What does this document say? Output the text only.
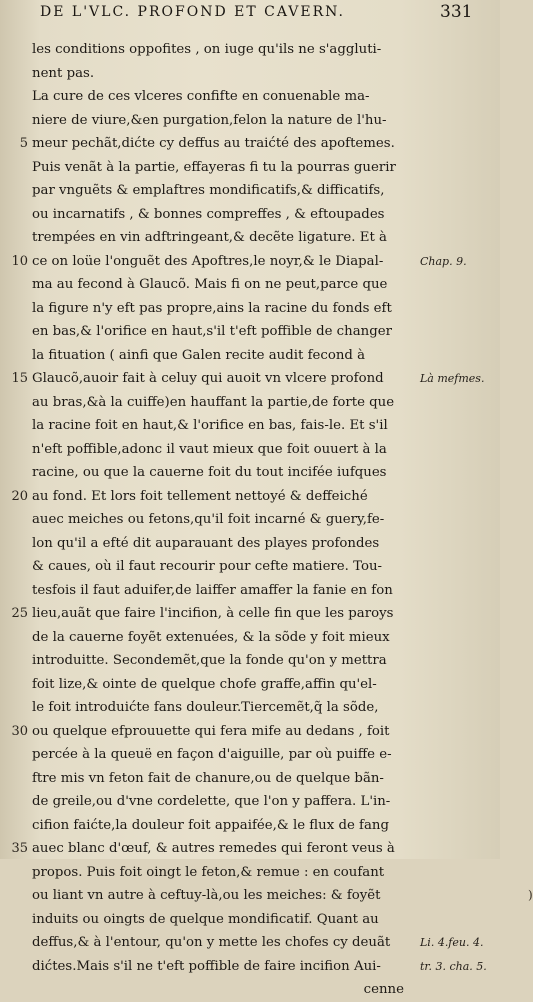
DE L'VLC. PROFOND ET CAVERN.	331
les conditions oppofites , on iuge qu'ils ne s'aggluti-
nent pas.
La cure de ces vlceres confifte en conuenable ma-
niere de viure,&en purgation,felon la nature de l'hu-
meur pechãt,dićte cy deffus au traićté des apoftemes.
5
Puis venãt à la partie, effayeras fi tu la pourras guerir
par vnguẽts & emplaftres mondificatifs,& difficatifs,
ou incarnatifs , & bonnes compreffes , & eftoupades
trempées en vin adftringeant,& decẽte ligature. Et à
ce on loüe l'onguẽt des Apoftres,le noyr,& le Diapal-
10	Chap. 9.
ma au fecond à Glaucõ. Mais fi on ne peut,parce que
la figure n'y eft pas propre,ains la racine du fonds eft
en bas,& l'orifice en haut,s'il t'eft poffible de changer
la fituation ( ainfi que Galen recite audit fecond à
Glaucõ,auoir fait à celuy qui auoit vn vlcere profond
15	Là mefmes.
au bras,&à la cuiffe)en hauffant la partie,de forte que
la racine foit en haut,& l'orifice en bas, fais-le. Et s'il
n'eft poffible,adonc il vaut mieux que foit ouuert à la
racine, ou que la cauerne foit du tout incifée iufques
au fond. Et lors foit tellement nettoyé & deffeiché
20
auec meiches ou fetons,qu'il foit incarné & guery,fe-
lon qu'il a efté dit auparauant des playes profondes
& caues, où il faut recourir pour cefte matiere. Tou-
tesfois il faut aduifer,de laiffer amaffer la fanie en fon
lieu,auãt que faire l'incifion, à celle fin que les paroys
25
de la cauerne foyẽt extenuées, & la sõde y foit mieux
introduitte. Secondemẽt,que la fonde qu'on y mettra
foit lize,& ointe de quelque chofe graffe,affin qu'el-
le foit introduićte fans douleur.Tiercemẽt,q̃ la sõde,
ou quelque efprouuette qui fera mife au dedans , foit
30
percée à la queuë en façon d'aiguille, par où puiffe e-
ftre mis vn feton fait de chanure,ou de quelque bãn-
de greile,ou d'vne cordelette, que l'on y paffera. L'in-
cifion faićte,la douleur foit appaifée,& le flux de fang
auec blanc d'œuf, & autres remedes qui feront veus à
35
propos. Puis foit oingt le feton,& remue : en coufant
ou liant vn autre à ceftuy-là,ou les meiches: & foyẽt	)
induits ou oingts de quelque mondificatif. Quant au
deffus,& à l'entour, qu'on y mette les chofes cy deuãt	Li. 4.feu. 4.
dićtes.Mais s'il ne t'eft poffible de faire incifion Aui-	tr. 3. cha. 5.
cenne
